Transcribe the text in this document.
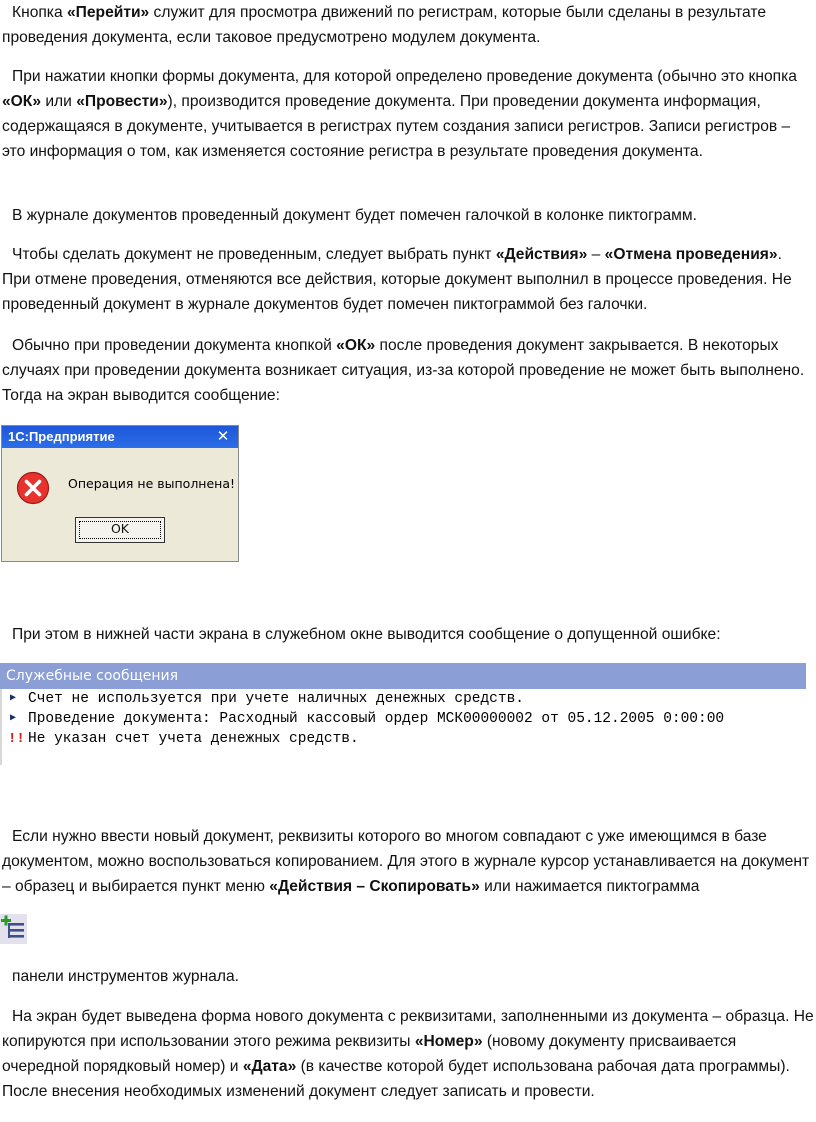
Кнопка «Перейти» служит для просмотра движений по регистрам, которые были сделаны в результате проведения документа, если таковое предусмотрено модулем документа.

При нажатии кнопки формы документа, для которой определено проведение документа (обычно это кнопка «ОК» или «Провести»), производится проведение документа. При проведении документа информация, содержащаяся в документе, учитывается в регистрах путем создания записи регистров. Записи регистров – это информация о том, как изменяется состояние регистра в результате проведения документа.

В журнале документов проведенный документ будет помечен галочкой в колонке пиктограмм.

Чтобы сделать документ не проведенным, следует выбрать пункт «Действия» – «Отмена проведения». При отмене проведения, отменяются все действия, которые документ выполнил в процессе проведения. Не проведенный документ в журнале документов будет помечен пиктограммой без галочки.

Обычно при проведении документа кнопкой «ОК» после проведения документ закрывается. В некоторых случаях при проведении документа возникает ситуация, из-за которой проведение не может быть выполнено. Тогда на экран выводится сообщение:

1С:Предприятие	✕
Операция не выполнена!
OK

При этом в нижней части экрана в служебном окне выводится сообщение о допущенной ошибке:

Служебные сообщения
▶ Счет не используется при учете наличных денежных средств.
▶ Проведение документа: Расходный кассовый ордер МСК00000002 от 05.12.2005 0:00:00
!! Не указан счет учета денежных средств.

Если нужно ввести новый документ, реквизиты которого во многом совпадают с уже имеющимся в базе документом, можно воспользоваться копированием. Для этого в журнале курсор устанавливается на документ – образец и выбирается пункт меню «Действия – Скопировать» или нажимается пиктограмма

панели инструментов журнала.

На экран будет выведена форма нового документа с реквизитами, заполненными из документа – образца. Не копируются при использовании этого режима реквизиты «Номер» (новому документу присваивается очередной порядковый номер) и «Дата» (в качестве которой будет использована рабочая дата программы). После внесения необходимых изменений документ следует записать и провести.
